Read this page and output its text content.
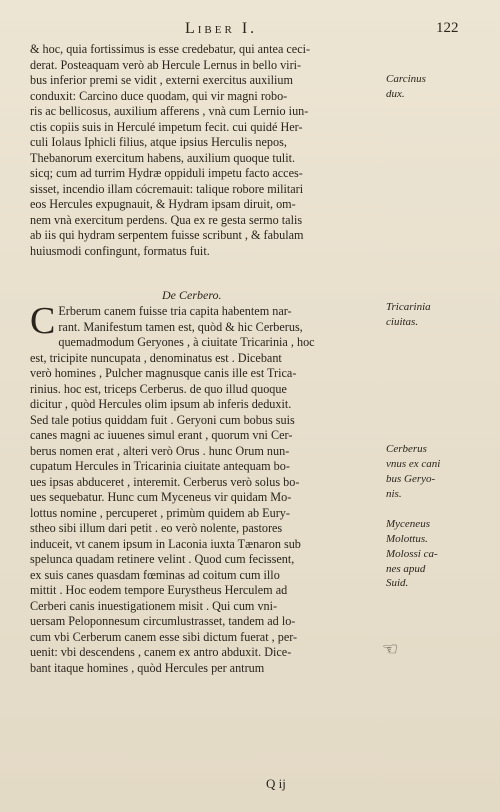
Liber I.	122
& hoc, quia fortissimus is esse credebatur, qui antea ceci-
derat. Posteaquam verò ab Hercule Lernus in bello viri-
bus inferior premi se vidit , externi exercitus auxilium
conduxit: Carcino duce quodam, qui vir magni robo-
ris ac bellicosus, auxilium afferens , vnà cum Lernio iun-
ctis copiis suis in Herculé impetum fecit. cui quidé Her-
culi Iolaus Iphicli filius, atque ipsius Herculis nepos,
Thebanorum exercitum habens, auxilium quoque tulit.
sicq; cum ad turrim Hydræ oppiduli impetu facto acces-
sisset, incendio illam cócremauit: talique robore militari
eos Hercules expugnauit, & Hydram ipsam diruit, om-
nem vnà exercitum perdens. Qua ex re gesta sermo talis
ab iis qui hydram serpentem fuisse scribunt , & fabulam
huiusmodi confingunt, formatus fuit.
De Cerbero.
C Erberum canem fuisse tria capita habentem nar-
rant. Manifestum tamen est, quòd & hic Cerberus,
quemadmodum Geryones , à ciuitate Tricarinia , hoc
est, tricipite nuncupata , denominatus est . Dicebant
verò homines , Pulcher magnusque canis ille est Trica-
rinius. hoc est, triceps Cerberus. de quo illud quoque
dicitur , quòd Hercules olim ipsum ab inferis deduxit.
Sed tale potius quiddam fuit . Geryoni cum bobus suis
canes magni ac iuuenes simul erant , quorum vni Cer-
berus nomen erat , alteri verò Orus . hunc Orum nun-
cupatum Hercules in Tricarinia ciuitate antequam bo-
ues ipsas abduceret , interemit. Cerberus verò solus bo-
ues sequebatur. Hunc cum Myceneus vir quidam Mo-
lottus nomine , percuperet , primùm quidem ab Eury-
stheo sibi illum dari petit . eo verò nolente, pastores
induceit, vt canem ipsum in Laconia iuxta Tænaron sub
spelunca quadam retinere velint . Quod cum fecissent,
ex suis canes quasdam fœminas ad coitum cum illo
mittit . Hoc eodem tempore Eurystheus Herculem ad
Cerberi canis inuestigationem misit . Qui cum vni-
uersam Peloponnesum circumlustrasset, tandem ad lo-
cum vbi Cerberum canem esse sibi dictum fuerat , per-
uenit: vbi descendens , canem ex antro abduxit. Dice-
bant itaque homines , quòd Hercules per antrum
Carcinus
dux.
Tricarinia
ciuitas.
Cerberus
vnus ex cani
bus Geryo-
nis.
Myceneus
Molottus.
Molossi ca-
nes apud
Suid.
☜
Q ij
